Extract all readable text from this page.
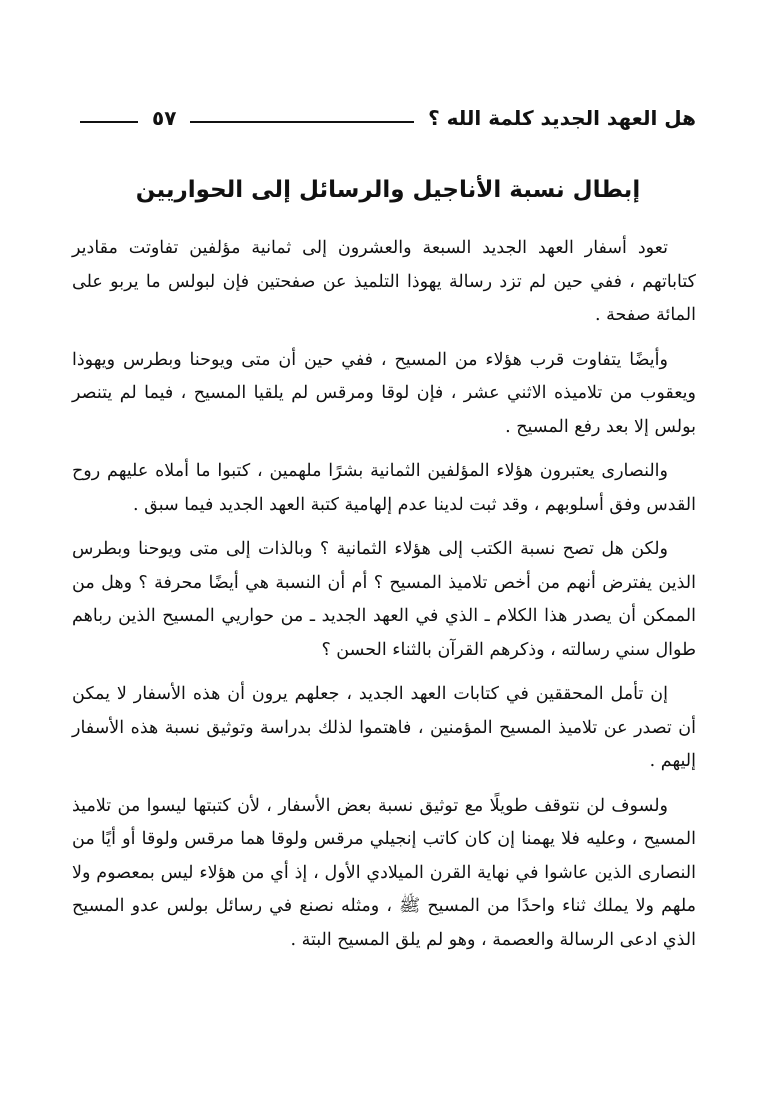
هل العهد الجديد كلمة الله ؟
٥٧
إبطال نسبة الأناجيل والرسائل إلى الحواريين

تعود أسفار العهد الجديد السبعة والعشرون إلى ثمانية مؤلفين تفاوتت مقادير كتاباتهم ، ففي حين لم تزد رسالة يهوذا التلميذ عن صفحتين فإن لبولس ما يربو على المائة صفحة .

وأيضًا يتفاوت قرب هؤلاء من المسيح ، ففي حين أن متى ويوحنا وبطرس ويهوذا ويعقوب من تلاميذه الاثني عشر ، فإن لوقا ومرقس لم يلقيا المسيح ، فيما لم يتنصر بولس إلا بعد رفع المسيح .

والنصارى يعتبرون هؤلاء المؤلفين الثمانية بشرًا ملهمين ، كتبوا ما أملاه عليهم روح القدس وفق أسلوبهم ، وقد ثبت لدينا عدم إلهامية كتبة العهد الجديد فيما سبق .

ولكن هل تصح نسبة الكتب إلى هؤلاء الثمانية ؟ وبالذات إلى متى ويوحنا وبطرس الذين يفترض أنهم من أخص تلاميذ المسيح ؟ أم أن النسبة هي أيضًا محرفة ؟ وهل من الممكن أن يصدر هذا الكلام ـ الذي في العهد الجديد ـ من حواريي المسيح الذين رباهم طوال سني رسالته ، وذكرهم القرآن بالثناء الحسن ؟

إن تأمل المحققين في كتابات العهد الجديد ، جعلهم يرون أن هذه الأسفار لا يمكن أن تصدر عن تلاميذ المسيح المؤمنين ، فاهتموا لذلك بدراسة وتوثيق نسبة هذه الأسفار إليهم .

ولسوف لن نتوقف طويلًا مع توثيق نسبة بعض الأسفار ، لأن كتبتها ليسوا من تلاميذ المسيح ، وعليه فلا يهمنا إن كان كاتب إنجيلي مرقس ولوقا هما مرقس ولوقا أو أيًا من النصارى الذين عاشوا في نهاية القرن الميلادي الأول ، إذ أي من هؤلاء ليس بمعصوم ولا ملهم ولا يملك ثناء واحدًا من المسيح ﷺ ، ومثله نصنع في رسائل بولس عدو المسيح الذي ادعى الرسالة والعصمة ، وهو لم يلق المسيح البتة .
